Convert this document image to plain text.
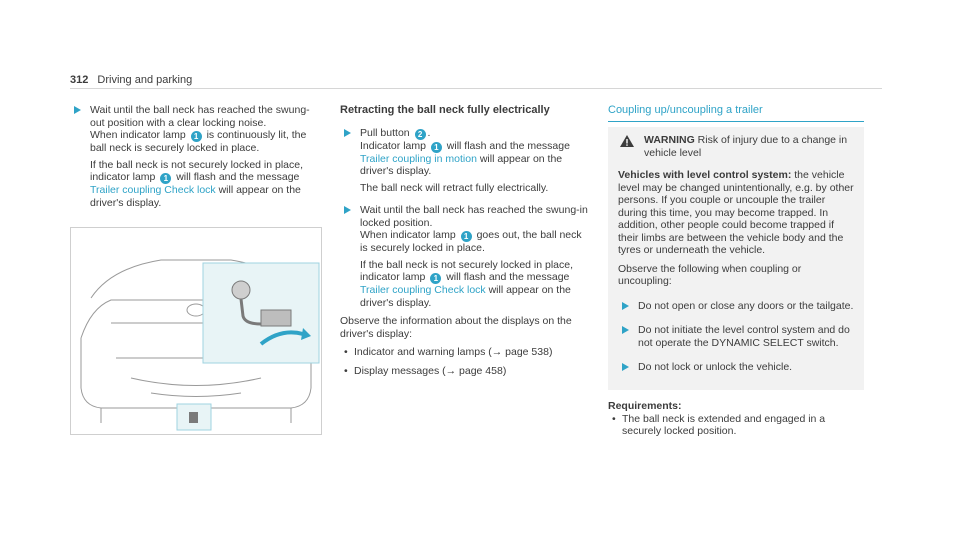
312 Driving and parking
Wait until the ball neck has reached the swung-out position with a clear locking noise.
When indicator lamp 1 is continuously lit, the ball neck is securely locked in place.
If the ball neck is not securely locked in place, indicator lamp 1 will flash and the message Trailer coupling Check lock will appear on the driver's display.
Retracting the ball neck fully electrically
Pull button 2 .
Indicator lamp 1 will flash and the message Trailer coupling in motion will appear on the driver's display.
The ball neck will retract fully electrically.
Wait until the ball neck has reached the swung-in locked position.
When indicator lamp 1 goes out, the ball neck is securely locked in place.
If the ball neck is not securely locked in place, indicator lamp 1 will flash and the message Trailer coupling Check lock will appear on the driver's display.
Observe the information about the displays on the driver's display:
• Indicator and warning lamps (→ page 538)
• Display messages (→ page 458)
Coupling up/uncoupling a trailer
WARNING Risk of injury due to a change in vehicle level
Vehicles with level control system: the vehicle level may be changed unintentionally, e.g. by other persons. If you couple or uncouple the trailer during this time, you may become trapped. In addition, other people could become trapped if their limbs are between the vehicle body and the tyres or underneath the vehicle.
Observe the following when coupling or uncoupling:
Do not open or close any doors or the tailgate.
Do not initiate the level control system and do not operate the DYNAMIC SELECT switch.
Do not lock or unlock the vehicle.
Requirements:
• The ball neck is extended and engaged in a securely locked position.
